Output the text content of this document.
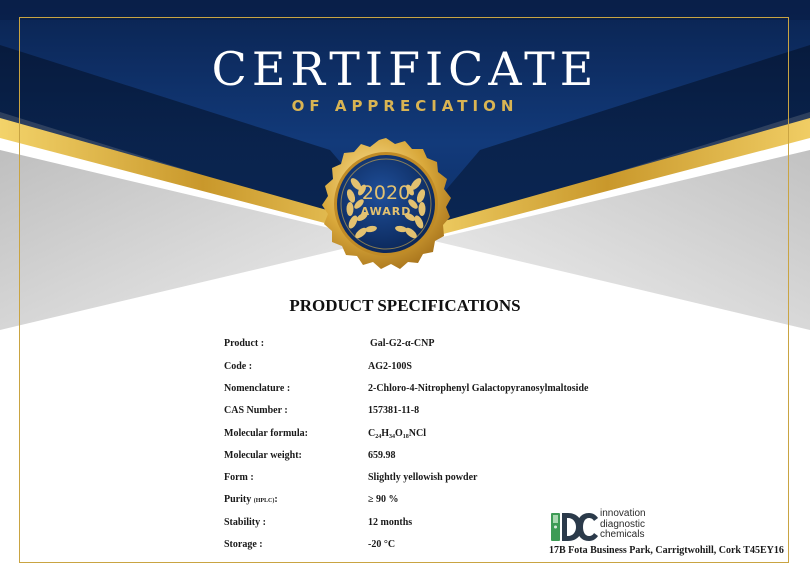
CERTIFICATE
OF APPRECIATION
2020
AWARD
PRODUCT SPECIFICATIONS
Product :	Gal-G2-α-CNP
Code :	AG2-100S
Nomenclature :	2-Chloro-4-Nitrophenyl Galactopyranosylmaltoside
CAS Number :	157381-11-8
Molecular formula:	$C_{24}H_{34}O_{18}NCl$
Molecular weight:	659.98
Form :	Slightly yellowish powder
Purity (HPLC):	≥ 90 %
Stability :	12 months
Storage :	-20 °C
innovation
diagnostic
chemicals
17B Fota Business Park, Carrigtwohill, Cork T45EY16
